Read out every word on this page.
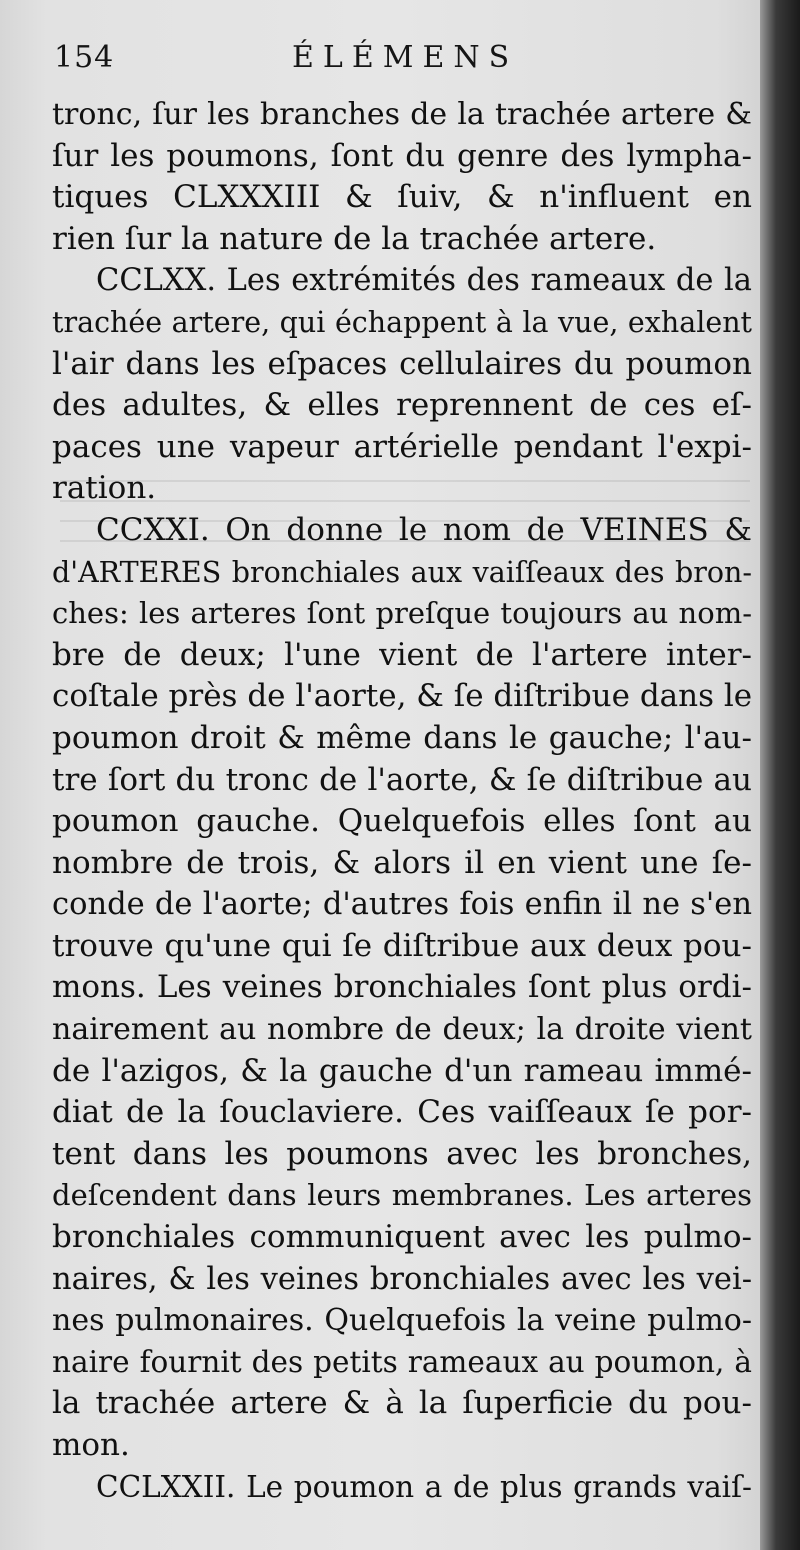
154	ÉLÉMENS
tronc, ſur les branches de la trachée artere &
ſur les poumons, ſont du genre des lympha-
tiques CLXXXIII & ſuiv, & n'influent en
rien ſur la nature de la trachée artere.
CCLXX. Les extrémités des rameaux de la
trachée artere, qui échappent à la vue, exhalent
l'air dans les eſpaces cellulaires du poumon
des adultes, & elles reprennent de ces eſ-
paces une vapeur artérielle pendant l'expi-
ration.
CCXXI. On donne le nom de VEINES &
d'ARTERES bronchiales aux vaiſſeaux des bron-
ches: les arteres ſont preſque toujours au nom-
bre de deux; l'une vient de l'artere inter-
coſtale près de l'aorte, & ſe diſtribue dans le
poumon droit & même dans le gauche; l'au-
tre ſort du tronc de l'aorte, & ſe diſtribue au
poumon gauche. Quelquefois elles ſont au
nombre de trois, & alors il en vient une ſe-
conde de l'aorte; d'autres fois enfin il ne s'en
trouve qu'une qui ſe diſtribue aux deux pou-
mons. Les veines bronchiales ſont plus ordi-
nairement au nombre de deux; la droite vient
de l'azigos, & la gauche d'un rameau immé-
diat de la ſouclaviere. Ces vaiſſeaux ſe por-
tent dans les poumons avec les bronches,
deſcendent dans leurs membranes. Les arteres
bronchiales communiquent avec les pulmo-
naires, & les veines bronchiales avec les vei-
nes pulmonaires. Quelquefois la veine pulmo-
naire fournit des petits rameaux au poumon, à
la trachée artere & à la ſuperficie du pou-
mon.
CCLXXII. Le poumon a de plus grands vaiſ-
